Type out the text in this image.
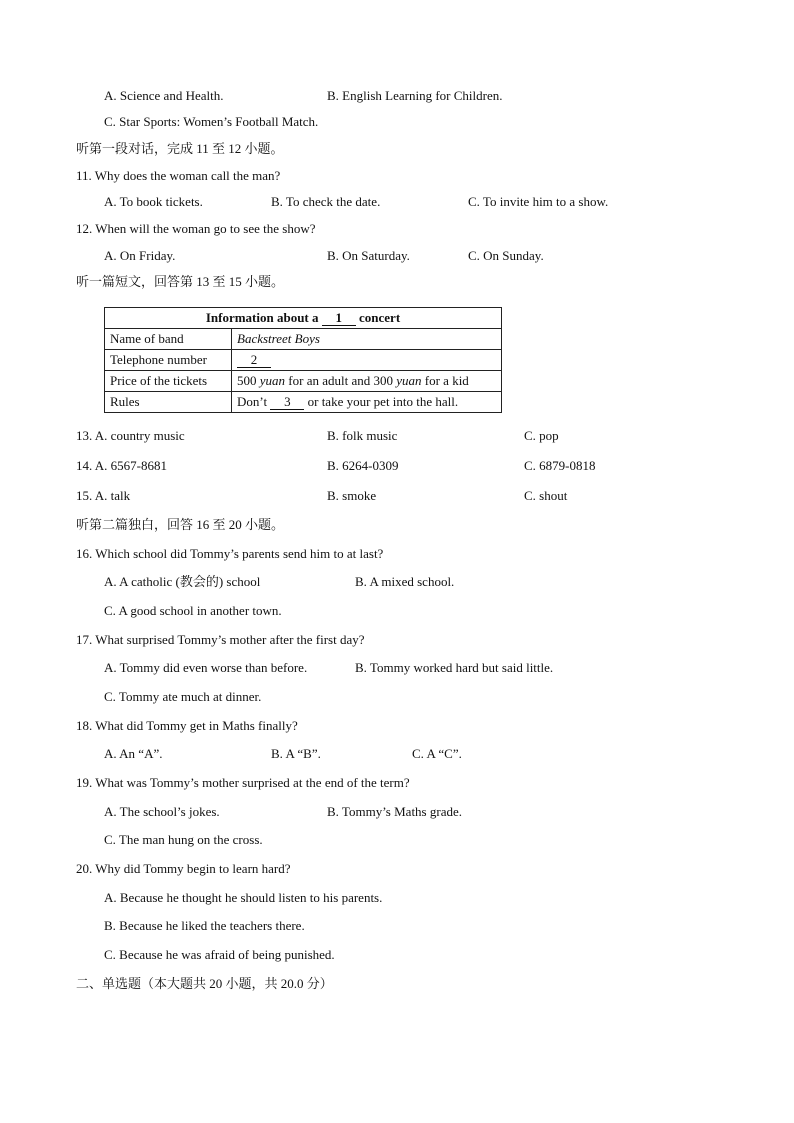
A. Science and Health.	B. English Learning for Children.
C. Star Sports: Women’s Football Match.
听第一段对话，完成 11 至 12 小题。
11. Why does the woman call the man?
A. To book tickets.	B. To check the date.	C. To invite him to a show.
12. When will the woman go to see the show?
A. On Friday.	B. On Saturday.	C. On Sunday.
听一篇短文，回答第 13 至 15 小题。
Information about a 1 concert	
Name of band	Backstreet Boys
Telephone number	2
Price of the tickets	500 yuan for an adult and 300 yuan for a kid
Rules	Don’t 3 or take your pet into the hall.
13. A. country music	B. folk music	C. pop
14. A. 6567-8681	B. 6264-0309	C. 6879-0818
15. A. talk	B. smoke	C. shout
听第二篇独白，回答 16 至 20 小题。
16. Which school did Tommy’s parents send him to at last?
A. A catholic (教会的) school	B. A mixed school.
C. A good school in another town.
17. What surprised Tommy’s mother after the first day?
A. Tommy did even worse than before.	B. Tommy worked hard but said little.
C. Tommy ate much at dinner.
18. What did Tommy get in Maths finally?
A. An “A”.	B. A “B”.	C. A “C”.
19. What was Tommy’s mother surprised at the end of the term?
A. The school’s jokes.	B. Tommy’s Maths grade.
C. The man hung on the cross.
20. Why did Tommy begin to learn hard?
A. Because he thought he should listen to his parents.
B. Because he liked the teachers there.
C. Because he was afraid of being punished.
二、单选题（本大题共 20 小题，共 20.0 分）
